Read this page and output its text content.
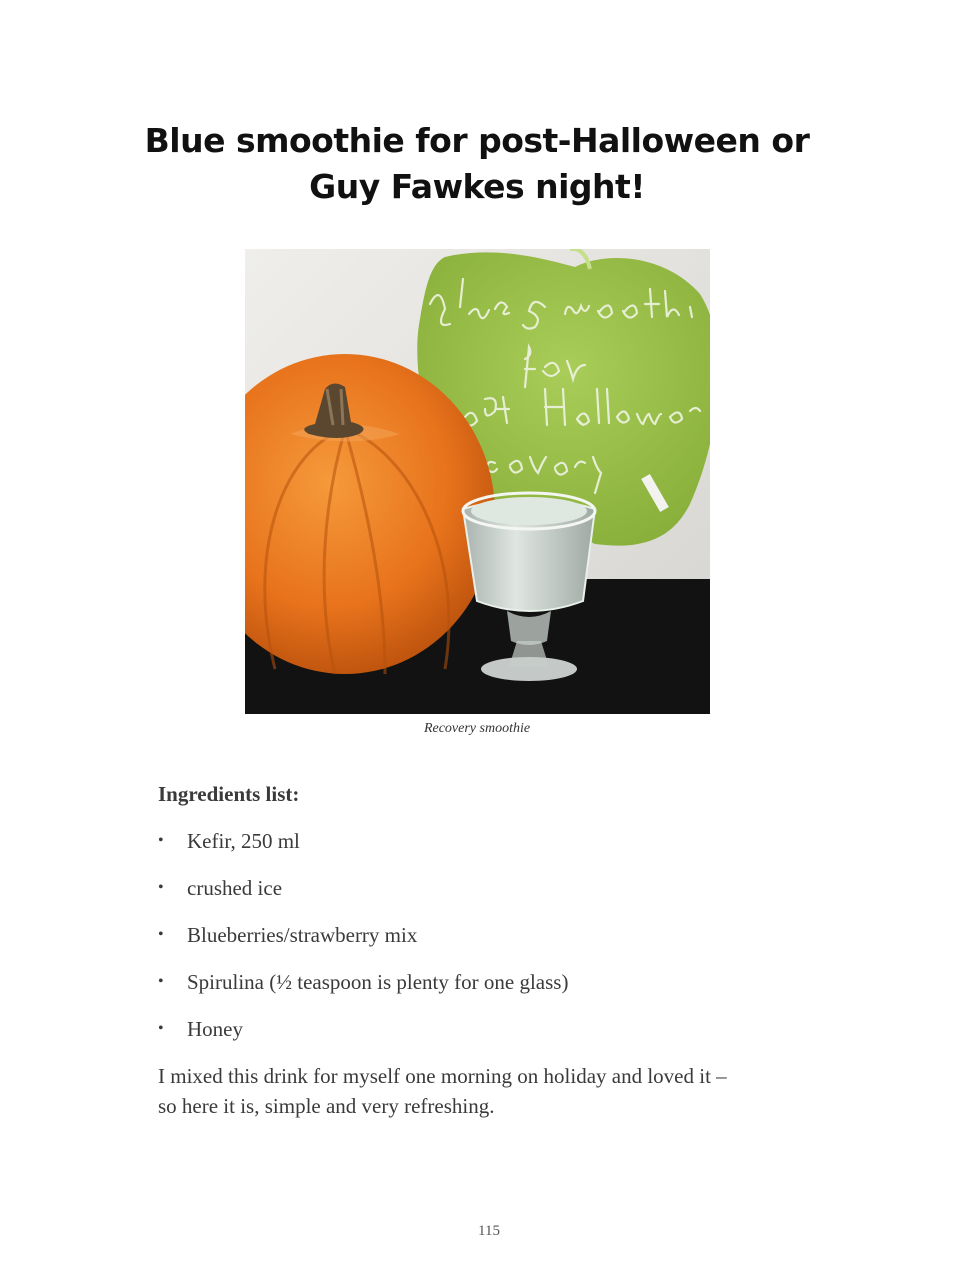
Blue smoothie for post-Halloween or
Guy Fawkes night!
Recovery smoothie
Ingredients list:
• Kefir, 250 ml
• crushed ice
• Blueberries/strawberry mix
• Spirulina (½ teaspoon is plenty for one glass)
• Honey
I mixed this drink for myself one morning on holiday and loved it –
so here it is, simple and very refreshing.
115
